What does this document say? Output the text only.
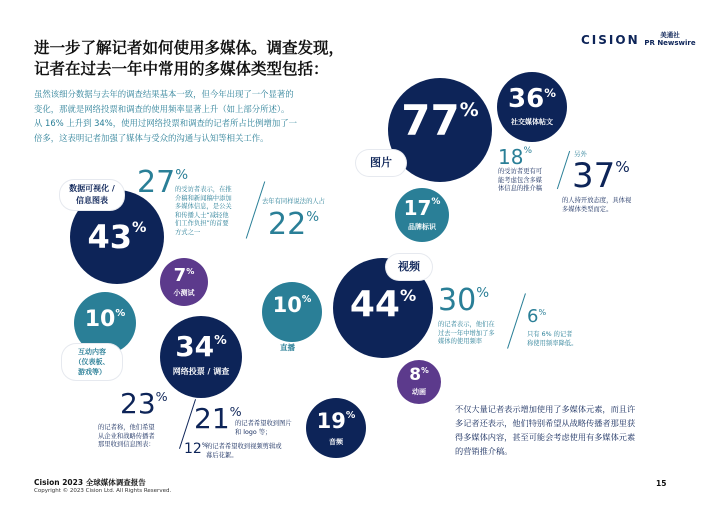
进一步了解记者如何使用多媒体。调查发现，
记者在过去一年中常用的多媒体类型包括：
CISION	美通社
PR Newswire
虽然该细分数据与去年的调查结果基本一致，但今年出现了一个显著的
变化，那就是网络投票和调查的使用频率显著上升（如上部分所述）。
从 16% 上升到 34%，使用过网络投票和调查的记者所占比例增加了一
倍多，这表明记者加强了媒体与受众的沟通与认知等相关工作。	77%
图片
36%
社交媒体帖文
18%
的受访者更有可
能考虑包含多媒
体信息的推介稿
另外
37%
的人持开放态度，具体视
多媒体类型而定。
17%
品牌标识
43%
数据可视化 /
信息图表
27%
的受访者表示，在推
介稿和新闻稿中添加
多媒体信息，是公关
和传播人士“减轻他
们工作负担”的首要
方式之一
去年有同样说法的人占
22%
7%
小测试
10%
互动内容
（仪表板、
游戏等）
34%
网络投票 / 调查
10%
直播
44%
视频
30%
的记者表示，他们在
过去一年中增加了多
媒体的使用频率
6%
只有 6% 的记者
称使用频率降低。
8%
动画
19%
音频
23%
的记者称，他们希望
从企业和战略传播者
那里收到信息图表：
21%
的记者希望收到图片
和 logo 等；
12%
的记者希望收到视频剪辑或
幕后花絮。
不仅大量记者表示增加使用了多媒体元素，而且许
多记者还表示，他们特别希望从战略传播者那里获
得多媒体内容，甚至可能会考虑使用有多媒体元素
的营销推介稿。
Cision 2023 全球媒体调查报告
Copyright © 2023 Cision Ltd. All Rights Reserved.
15
